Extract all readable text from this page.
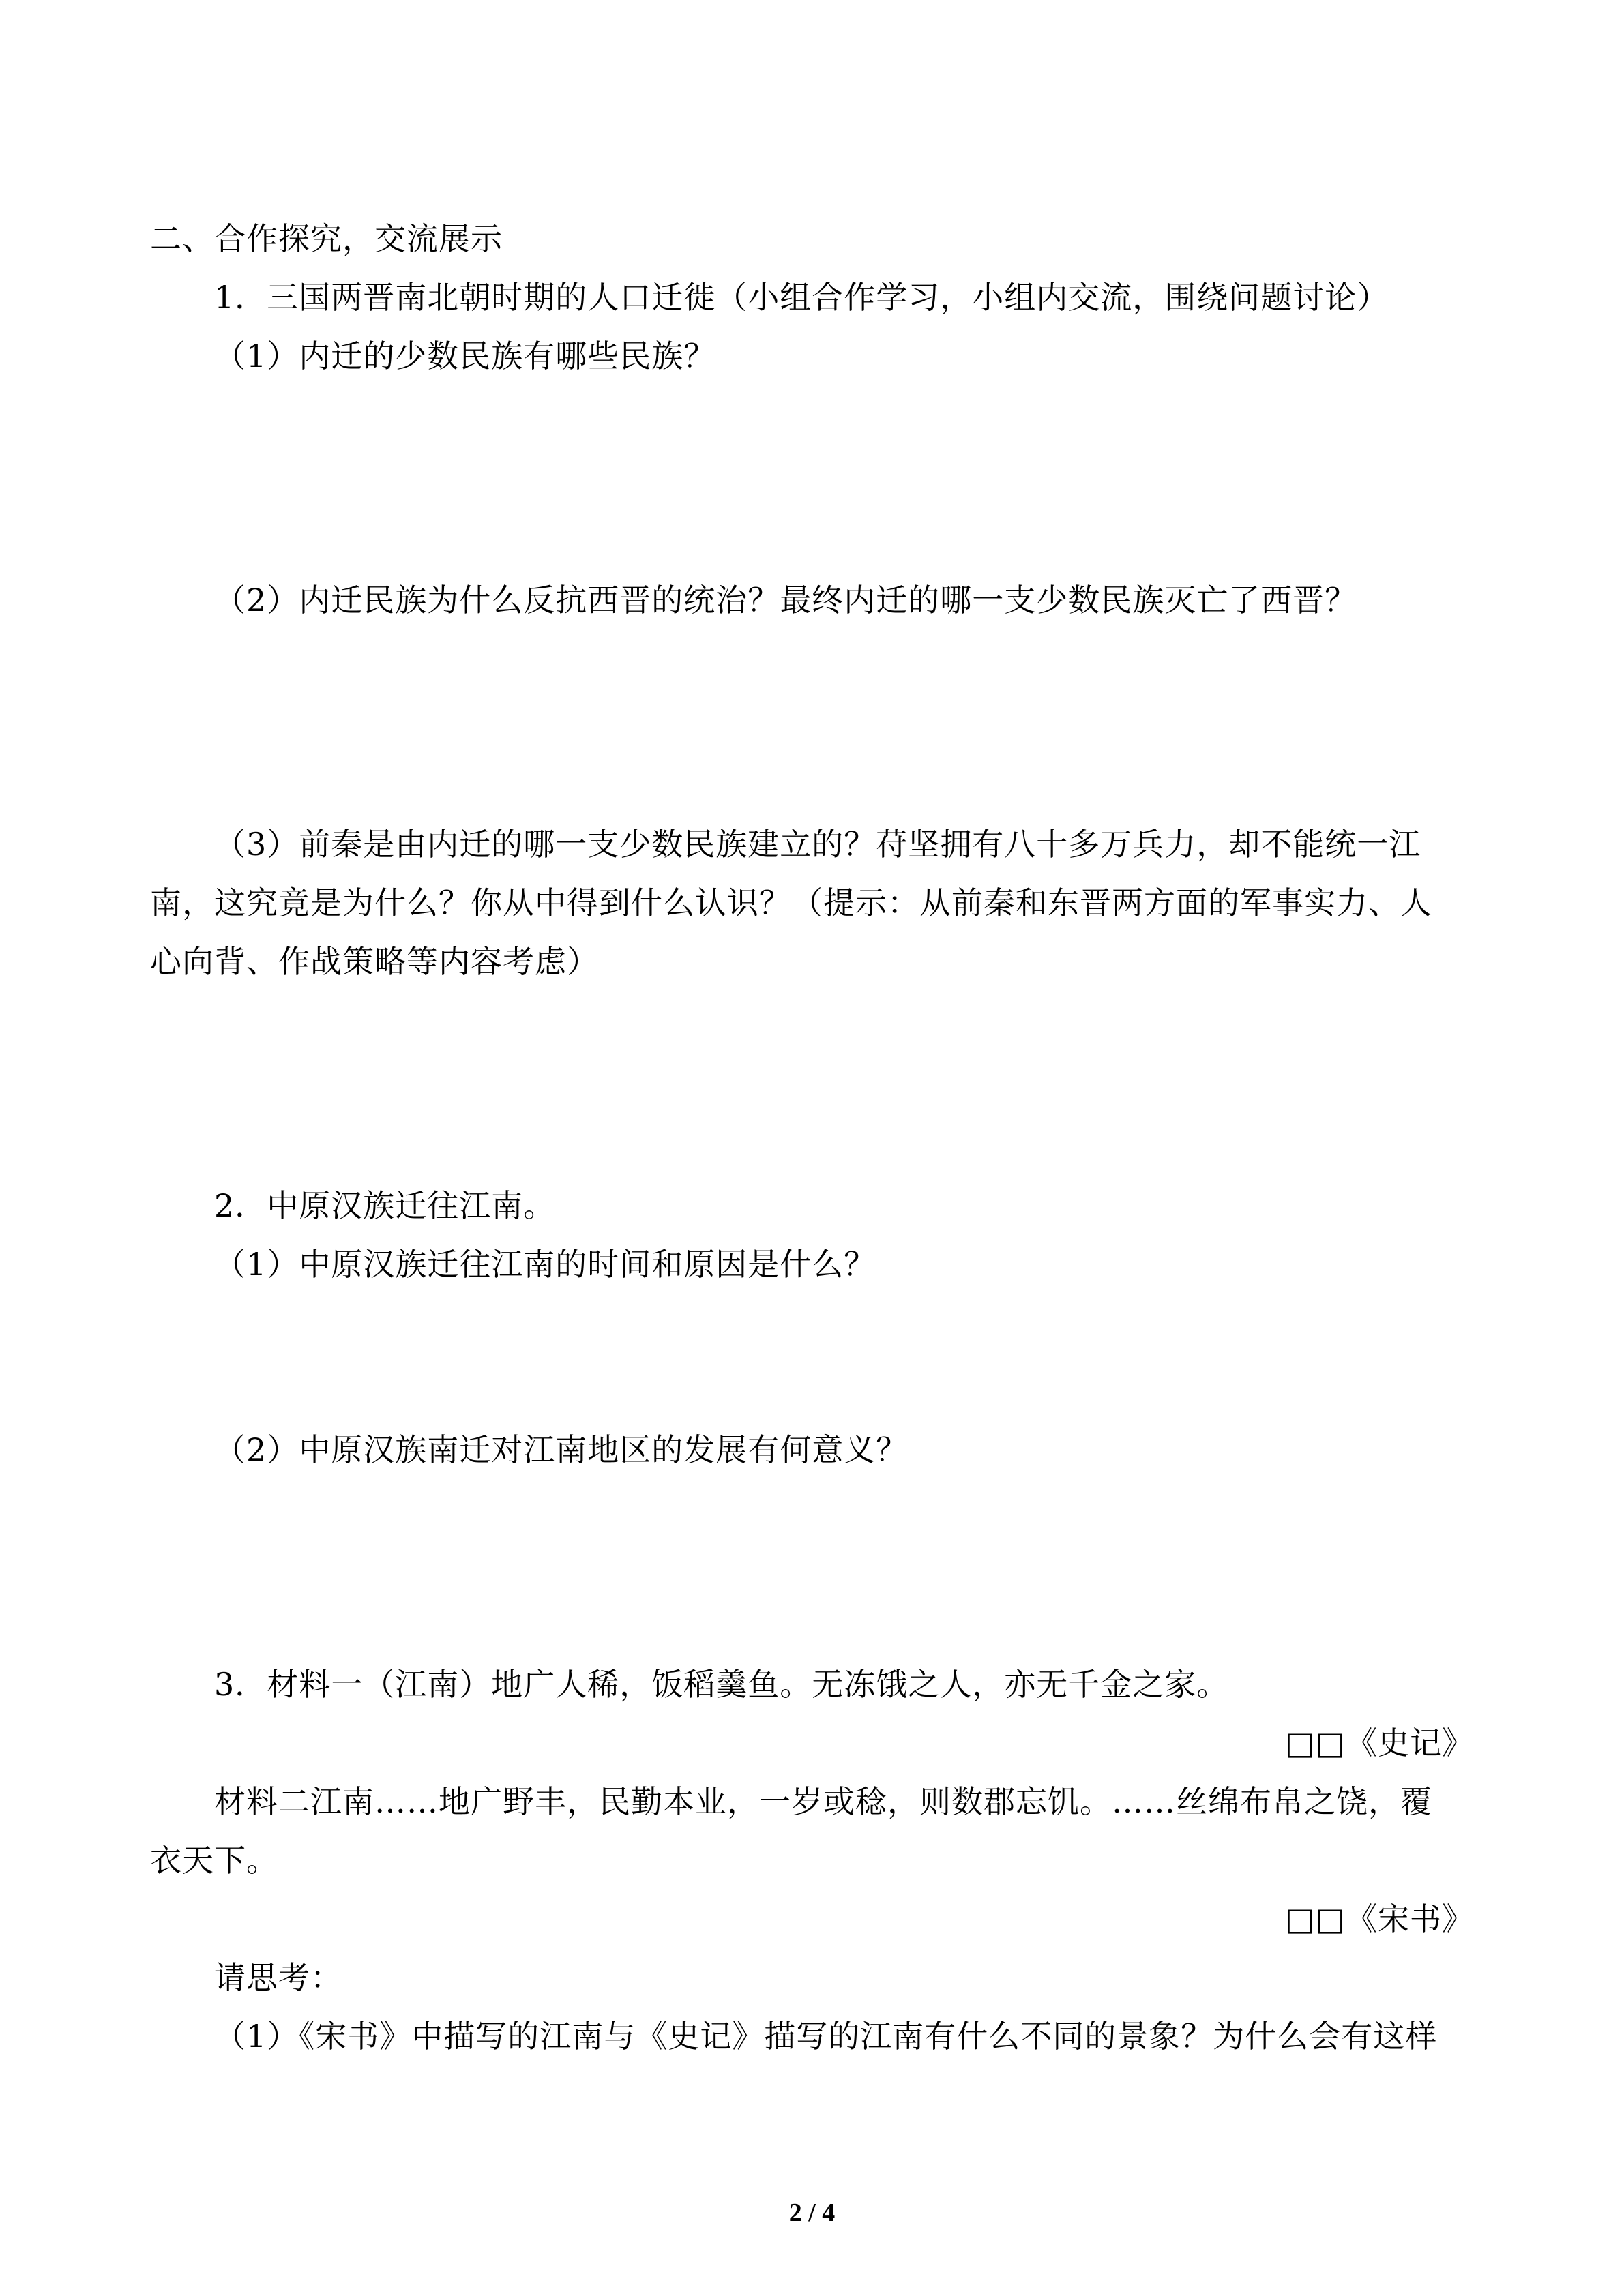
二、合作探究，交流展示
1．三国两晋南北朝时期的人口迁徙（小组合作学习，小组内交流，围绕问题讨论）
（1）内迁的少数民族有哪些民族？
（2）内迁民族为什么反抗西晋的统治？最终内迁的哪一支少数民族灭亡了西晋？
（3）前秦是由内迁的哪一支少数民族建立的？苻坚拥有八十多万兵力，却不能统一江
南，这究竟是为什么？你从中得到什么认识？（提示：从前秦和东晋两方面的军事实力、人
心向背、作战策略等内容考虑）
2．中原汉族迁往江南。
（1）中原汉族迁往江南的时间和原因是什么？
（2）中原汉族南迁对江南地区的发展有何意义？
3．材料一（江南）地广人稀，饭稻羹鱼。无冻饿之人，亦无千金之家。
□□《史记》
材料二江南……地广野丰，民勤本业，一岁或稔，则数郡忘饥。……丝绵布帛之饶，覆
衣天下。
□□《宋书》
请思考：
（1）《宋书》中描写的江南与《史记》描写的江南有什么不同的景象？为什么会有这样
2 / 4
